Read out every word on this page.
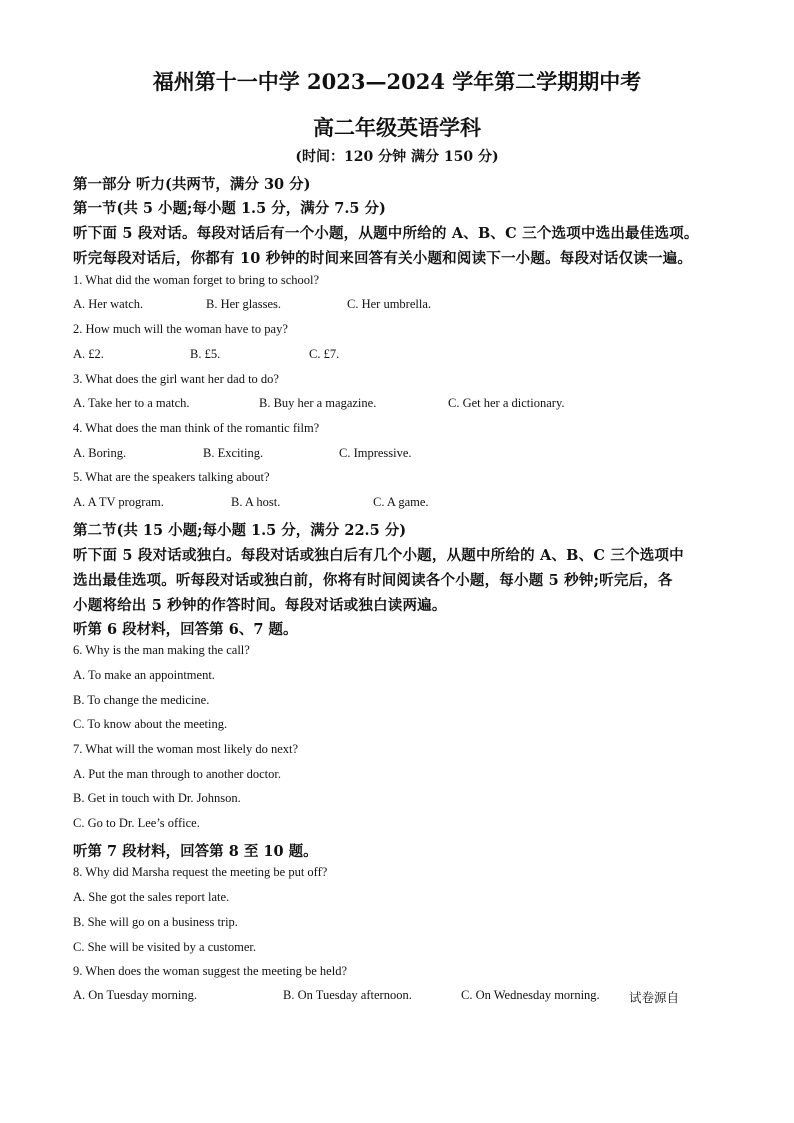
福州第十一中学 2023—2024 学年第二学期期中考
高二年级英语学科
(时间：120 分钟 满分 150 分)
第一部分 听力(共两节，满分 30 分)
第一节(共 5 小题;每小题 1.5 分，满分 7.5 分)
听下面 5 段对话。每段对话后有一个小题，从题中所给的 A、B、C 三个选项中选出最佳选项。
听完每段对话后，你都有 10 秒钟的时间来回答有关小题和阅读下一小题。每段对话仅读一遍。
1. What did the woman forget to bring to school?
A. Her watch.	B. Her glasses.	C. Her umbrella.
2. How much will the woman have to pay?
A. £2.	B. £5.	C. £7.
3. What does the girl want her dad to do?
A. Take her to a match.	B. Buy her a magazine.	C. Get her a dictionary.
4. What does the man think of the romantic film?
A. Boring.	B. Exciting.	C. Impressive.
5. What are the speakers talking about?
A. A TV program.	B. A host.	C. A game.
第二节(共 15 小题;每小题 1.5 分，满分 22.5 分)
听下面 5 段对话或独白。每段对话或独白后有几个小题，从题中所给的 A、B、C 三个选项中
选出最佳选项。听每段对话或独白前，你将有时间阅读各个小题，每小题 5 秒钟;听完后，各
小题将给出 5 秒钟的作答时间。每段对话或独白读两遍。
听第 6 段材料，回答第 6、7 题。
6. Why is the man making the call?
A. To make an appointment.
B. To change the medicine.
C. To know about the meeting.
7. What will the woman most likely do next?
A. Put the man through to another doctor.
B. Get in touch with Dr. Johnson.
C. Go to Dr. Lee’s office.
听第 7 段材料，回答第 8 至 10 题。
8. Why did Marsha request the meeting be put off?
A. She got the sales report late.
B. She will go on a business trip.
C. She will be visited by a customer.
9. When does the woman suggest the meeting be held?
A. On Tuesday morning.	B. On Tuesday afternoon.	C. On Wednesday morning. 试卷源自
